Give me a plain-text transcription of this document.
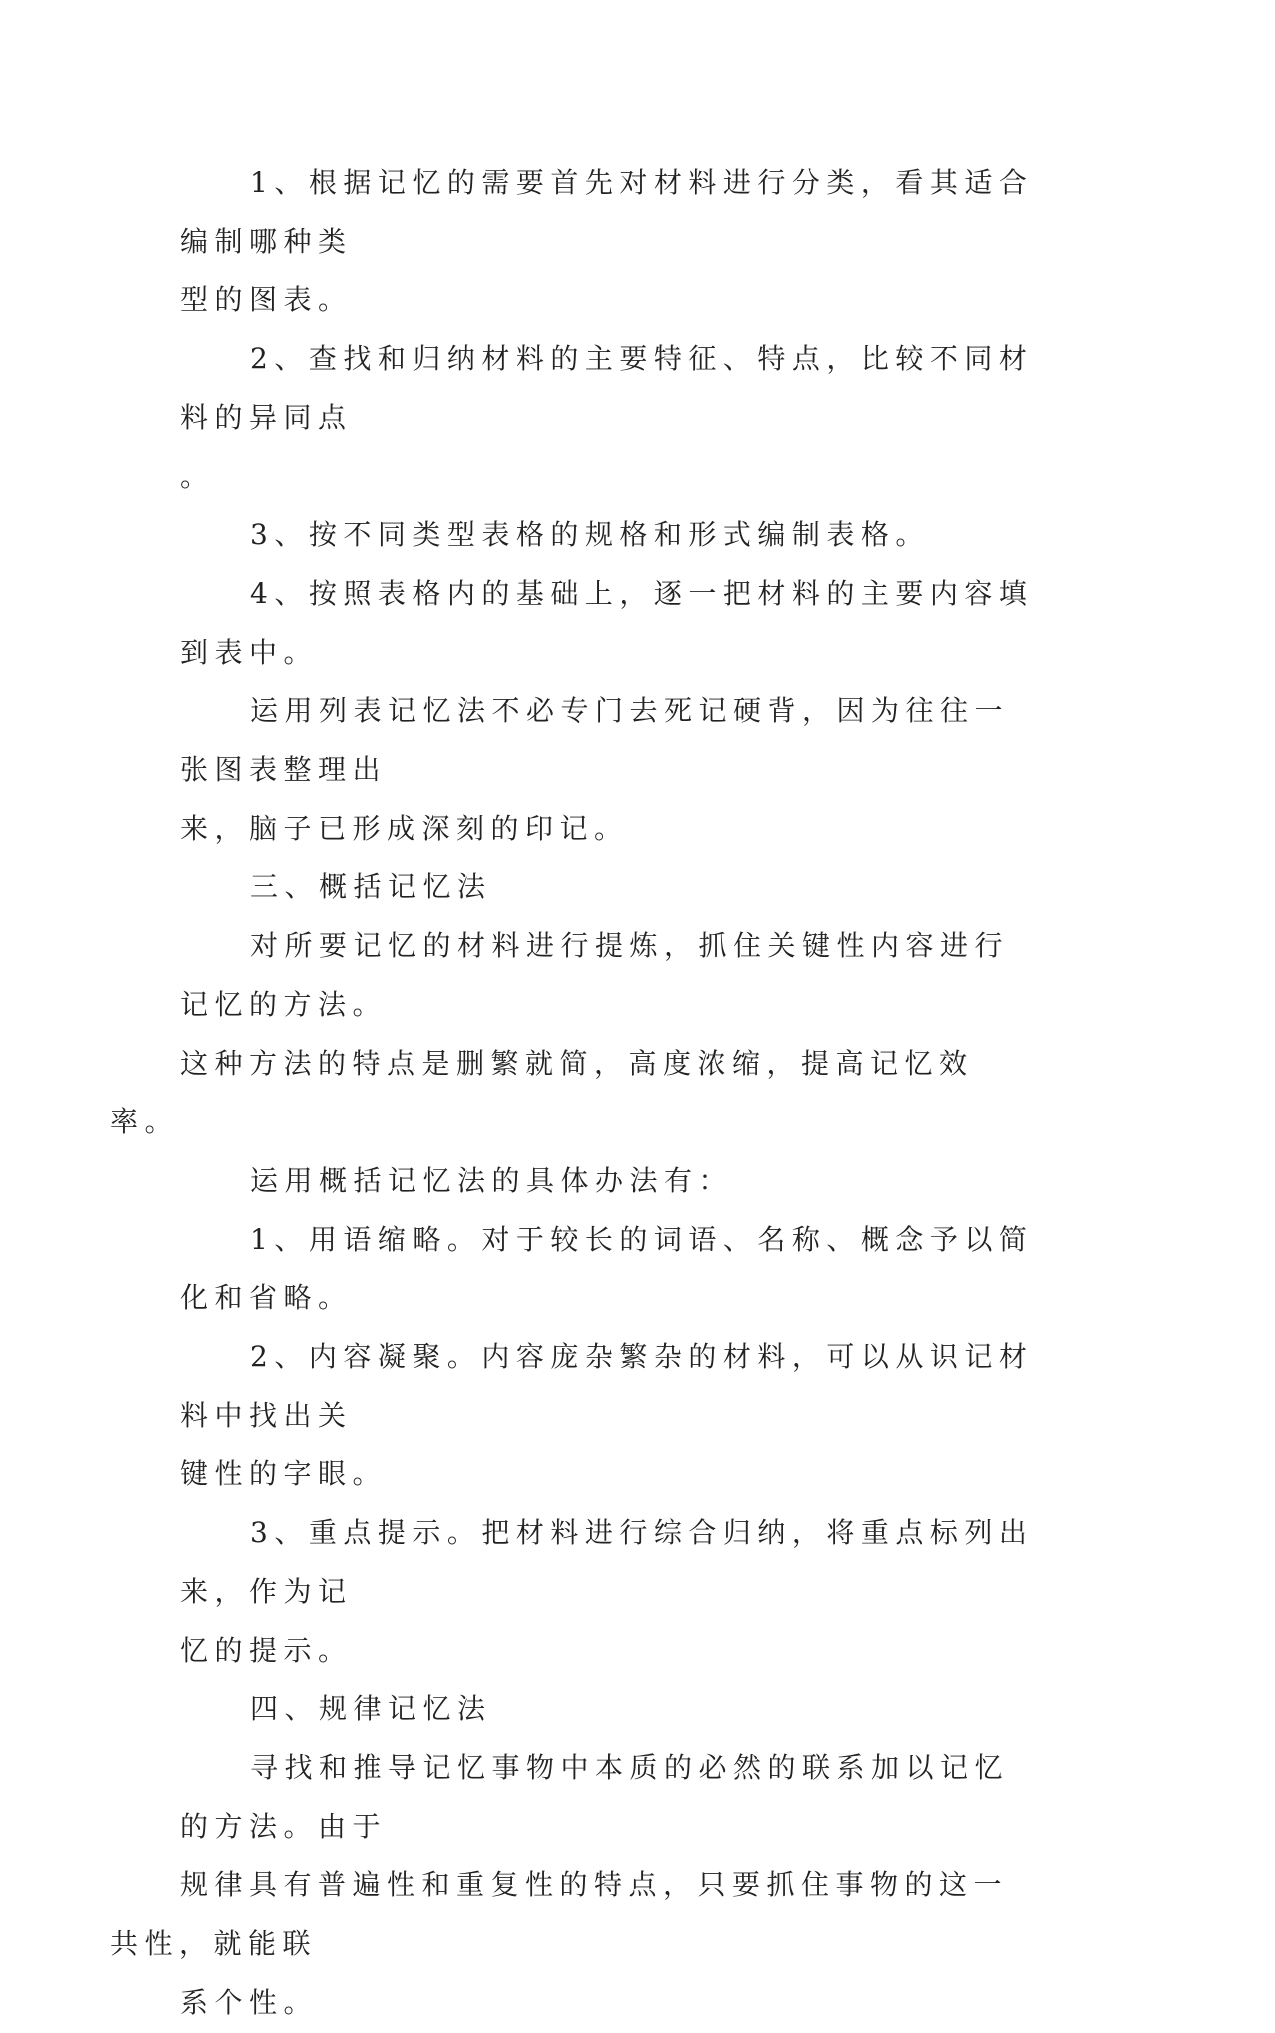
1、根据记忆的需要首先对材料进行分类，看其适合编制哪种类
型的图表。

2、查找和归纳材料的主要特征、特点，比较不同材料的异同点
。

3、按不同类型表格的规格和形式编制表格。

4、按照表格内的基础上，逐一把材料的主要内容填到表中。

运用列表记忆法不必专门去死记硬背，因为往往一张图表整理出
来，脑子已形成深刻的印记。

三、概括记忆法

对所要记忆的材料进行提炼，抓住关键性内容进行记忆的方法。
这种方法的特点是删繁就简，高度浓缩，提高记忆效率。

运用概括记忆法的具体办法有：

1、用语缩略。对于较长的词语、名称、概念予以简化和省略。

2、内容凝聚。内容庞杂繁杂的材料，可以从识记材料中找出关
键性的字眼。

3、重点提示。把材料进行综合归纳，将重点标列出来，作为记
忆的提示。

四、规律记忆法

寻找和推导记忆事物中本质的必然的联系加以记忆的方法。由于
规律具有普遍性和重复性的特点，只要抓住事物的这一共性，就能联
系个性。
